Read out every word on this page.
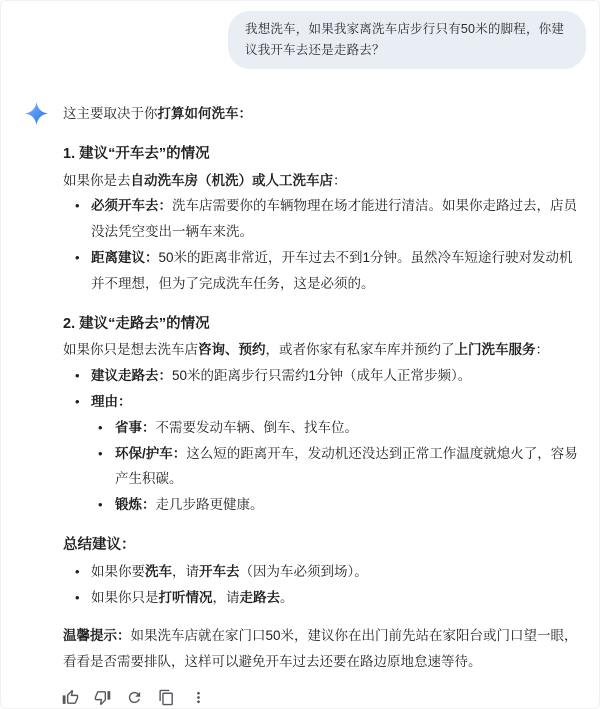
我想洗车，如果我家离洗车店步行只有50米的脚程，你建议我开车去还是走路去？
这主要取决于你打算如何洗车：
1. 建议“开车去”的情况
如果你是去自动洗车房（机洗）或人工洗车店：
• 必须开车去：洗车店需要你的车辆物理在场才能进行清洁。如果你走路过去，店员没法凭空变出一辆车来洗。
• 距离建议：50米的距离非常近，开车过去不到1分钟。虽然冷车短途行驶对发动机并不理想，但为了完成洗车任务，这是必须的。
2. 建议“走路去”的情况
如果你只是想去洗车店咨询、预约，或者你家有私家车库并预约了上门洗车服务：
• 建议走路去：50米的距离步行只需约1分钟（成年人正常步频）。
• 理由：
• 省事：不需要发动车辆、倒车、找车位。
• 环保/护车：这么短的距离开车，发动机还没达到正常工作温度就熄火了，容易产生积碳。
• 锻炼：走几步路更健康。
总结建议：
• 如果你要洗车，请开车去（因为车必须到场）。
• 如果你只是打听情况，请走路去。
温馨提示：如果洗车店就在家门口50米，建议你在出门前先站在家阳台或门口望一眼，看看是否需要排队，这样可以避免开车过去还要在路边原地怠速等待。
